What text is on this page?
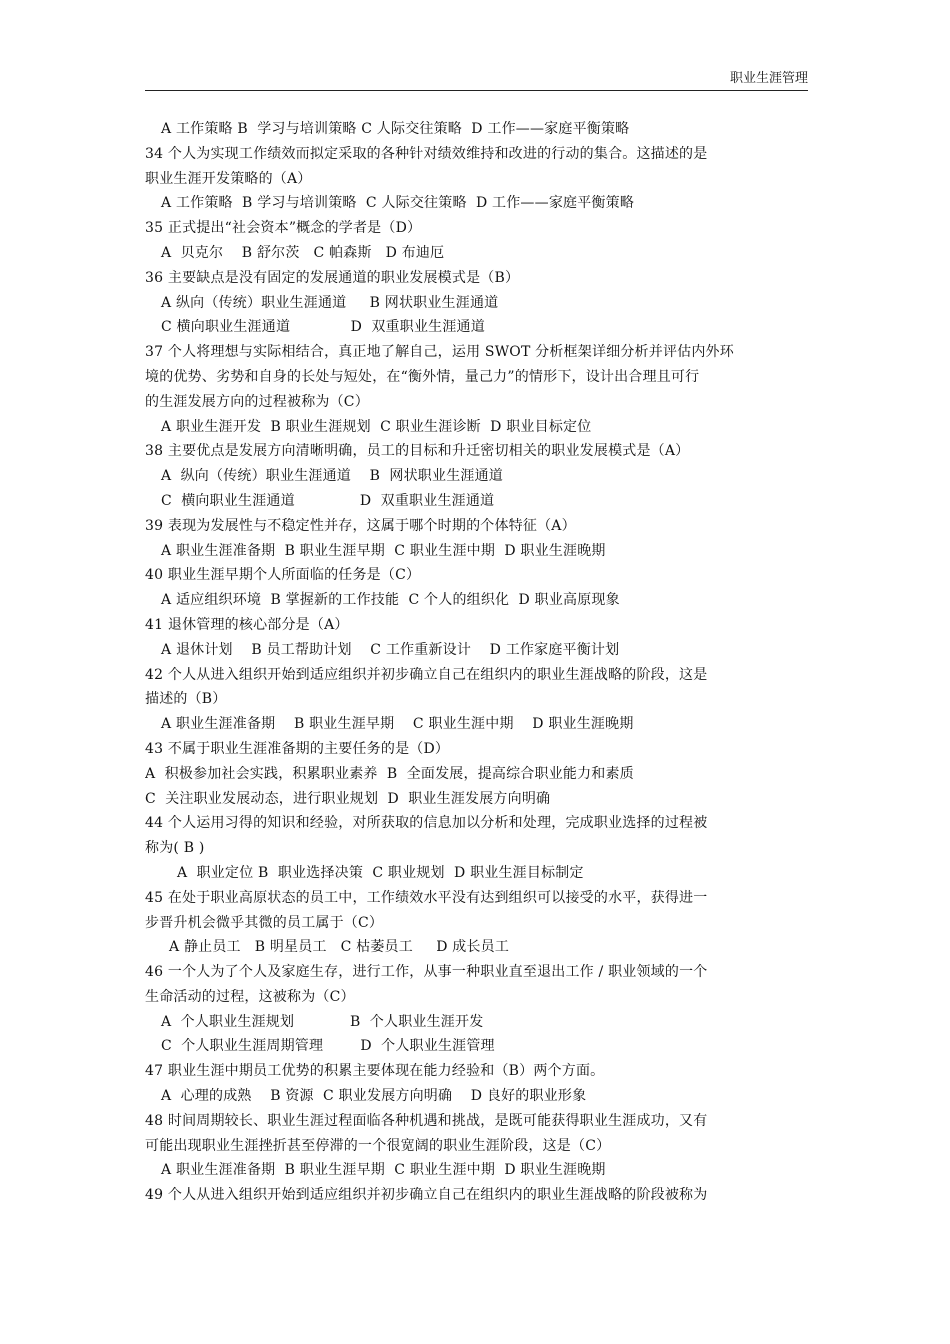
职业生涯管理
A 工作策略 B  学习与培训策略 C 人际交往策略  D 工作——家庭平衡策略
34 个人为实现工作绩效而拟定采取的各种针对绩效维持和改进的行动的集合。这描述的是
职业生涯开发策略的（A）
A 工作策略  B 学习与培训策略  C 人际交往策略  D 工作——家庭平衡策略
35 正式提出“社会资本”概念的学者是（D）
A  贝克尔    B 舒尔茨   C 帕森斯   D 布迪厄
36 主要缺点是没有固定的发展通道的职业发展模式是（B）
A 纵向（传统）职业生涯通道     B 网状职业生涯通道
C 横向职业生涯通道             D  双重职业生涯通道
37 个人将理想与实际相结合，真正地了解自己，运用 SWOT 分析框架详细分析并评估内外环
境的优势、劣势和自身的长处与短处，在“衡外情，量己力”的情形下，设计出合理且可行
的生涯发展方向的过程被称为（C）
A 职业生涯开发  B 职业生涯规划  C 职业生涯诊断  D 职业目标定位
38 主要优点是发展方向清晰明确，员工的目标和升迁密切相关的职业发展模式是（A）
A  纵向（传统）职业生涯通道    B  网状职业生涯通道
C  横向职业生涯通道              D  双重职业生涯通道
39 表现为发展性与不稳定性并存，这属于哪个时期的个体特征（A）
A 职业生涯准备期  B 职业生涯早期  C 职业生涯中期  D 职业生涯晚期
40 职业生涯早期个人所面临的任务是（C）
A 适应组织环境  B 掌握新的工作技能  C 个人的组织化  D 职业高原现象
41 退休管理的核心部分是（A）
A 退休计划    B 员工帮助计划    C 工作重新设计    D 工作家庭平衡计划
42 个人从进入组织开始到适应组织并初步确立自己在组织内的职业生涯战略的阶段，这是
描述的（B）
A 职业生涯准备期    B 职业生涯早期    C 职业生涯中期    D 职业生涯晚期
43 不属于职业生涯准备期的主要任务的是（D）
A  积极参加社会实践，积累职业素养  B  全面发展，提高综合职业能力和素质
C  关注职业发展动态，进行职业规划  D  职业生涯发展方向明确
44 个人运用习得的知识和经验，对所获取的信息加以分析和处理，完成职业选择的过程被
称为( B )
A  职业定位 B  职业选择决策  C 职业规划  D 职业生涯目标制定
45 在处于职业高原状态的员工中，工作绩效水平没有达到组织可以接受的水平，获得进一
步晋升机会微乎其微的员工属于（C）
A 静止员工   B 明星员工   C 枯萎员工     D 成长员工
46 一个人为了个人及家庭生存，进行工作，从事一种职业直至退出工作 / 职业领域的一个
生命活动的过程，这被称为（C）
A  个人职业生涯规划            B  个人职业生涯开发
C  个人职业生涯周期管理        D  个人职业生涯管理
47 职业生涯中期员工优势的积累主要体现在能力经验和（B）两个方面。
A  心理的成熟    B 资源  C 职业发展方向明确    D 良好的职业形象
48 时间周期较长、职业生涯过程面临各种机遇和挑战，是既可能获得职业生涯成功，又有
可能出现职业生涯挫折甚至停滞的一个很宽阔的职业生涯阶段，这是（C）
A 职业生涯准备期  B 职业生涯早期  C 职业生涯中期  D 职业生涯晚期
49 个人从进入组织开始到适应组织并初步确立自己在组织内的职业生涯战略的阶段被称为
